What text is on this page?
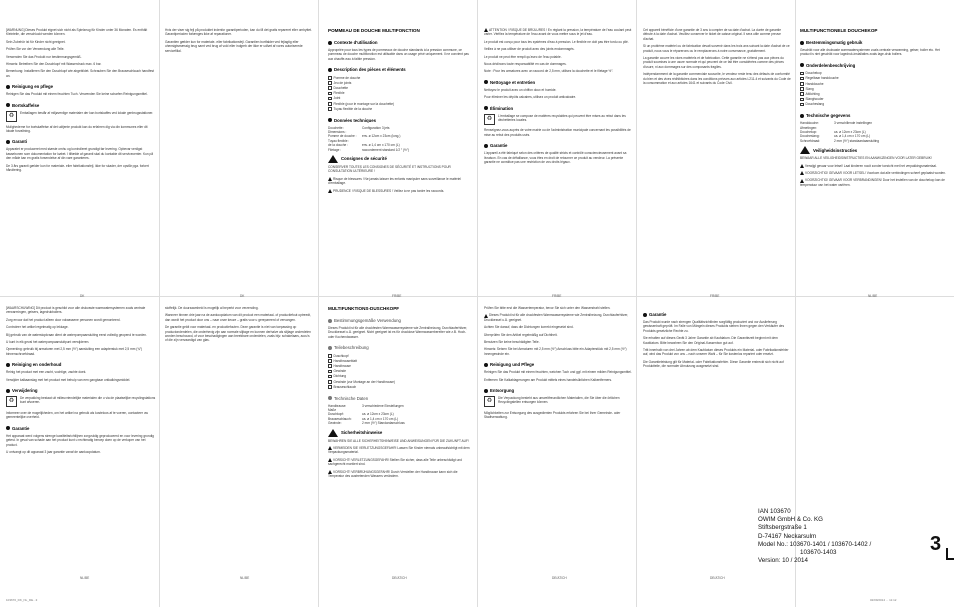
[WARNUNG] Dieses Produkt eignet sich nicht als Spielzeug für Kinder unter 36 Monaten. Es enthält Kleinteile, die verschluckt werden können.

Sein Zubehör ist für Kinder nicht geeignet.

Prüfen Sie vor der Verwendung alle Teile.

Verwenden Sie das Produkt nur bestimmungsgemäß.

Hinweis: Betreiben Sie den Duschkopf mit Wasserdruck max. 6 bar.

Bemerkung: Installieren Sie den Duschkopf wie abgebildet. Schrauben Sie den Brauseschlauch handfest an.

Reinigung en pflege

Reinigen Sie das Produkt mit einem feuchten Tuch. Verwenden Sie keine scharfen Reinigungsmittel.

Bortskaffelse
♻

Emballagen består af miljøvenlige materialer der kan bortskaffes ved lokale genbrugsstationer.

Mulighederne for bortskaffelse af det udtjente produkt kan du erfahren dig via din kommunes eller dit lokale forvaltning.

Garanti

Apparatet er produceret med største omhu og kontrolleret grundigt før levering. Opbevar venligst kassebonen som dokumentation for købet. I tilfælde af garanti skal du kontakte dit servicecenter. Kun på den måde kan en gratis forsendelse af din vare garanteres.

De 3 års garanti gælder kun for materiale- eller fabrikationsfejl, ikke for skader, der opstår pga. forkert håndtering.

Hvis der viser sig fejl på produktet indenfor garantiperioden, kan du få det gratis repareret eller ombyttet. Garantiperioden forlænges ikke af reparationer.

Garantien gælder kun for materiale- eller fabrikationsfejl. Garantien bortfalder ved fejlagtig eller uhensigtsmæssig brug samt ved brug af vold eller indgreb der ikke er udført af vores autoriserede servicefilial.

POMMEAU DE DOUCHE MULTIFONCTION
Contexte d'utilisation

Appropriée pour tous les types de pommeaux de douche standards à la pression commune, ce pommeau de douche multifonction est utilisable dans un usage privé uniquement. Il ne convient pas aux chauffe-eau à faible pression.

Description des pièces et éléments
Pomme de douche
Jeu de joints
Douchette
Flexible
Joint
Flexible (pour le montage sur la douchette)
Tuyau flexible de la douche
Données techniques
Douchette :	Configuration 3 jets
Dimensions :
Pomme de douche :	env. ø 12cm x 23cm (long.)
Tuyau flexible :
de la douche :	env. ø 1,4 cm x 170 cm (L)
Filetage :	raccordement standard 1/2 ″ (½″)
Consignes de sécurité

CONSERVER TOUTES LES CONSIGNES DE SÉCURITÉ ET INSTRUCTIONS POUR CONSULTATION ULTÉRIEURE !

Risque de blessures ! Ne jamais laisser les enfants manipuler sans surveillance le matériel d'emballage.

PRUDENCE ! RISQUE DE BLESSURES ! Veillez à ne pas tordre les raccords.

ATTENTION ! RISQUE DE BRÛLURES ! En réglant la pression, la température de l'eau coulant peut varier. Vérifiez la température de l'eau avant de vous mettre sous le jet d'eau.

Le produit est conçu pour tous les systèmes d'eau à pression. Le flexible ne doit pas être tordu ou plié.

Veillez à ne pas utiliser de produit avec des joints endommagés.

Le produit ne peut être rempli qu'avec de l'eau potable.

Nous déclinons toute responsabilité en cas de dommages.

Note : Pour les armatures avec un raccord de 2,5 mm, utilisez la douchette et le filetage ½″.

Nettoyage et entretien

Nettoyez le produit avec un chiffon doux et humide.

Pour éliminer les dépôts calcaires, utilisez un produit anticalcaire.

Élimination
♻

L'emballage se compose de matières recyclables qui peuvent être mises au rebut dans les déchetteries locales.

Renseignez-vous auprès de votre mairie ou de l'administration municipale concernant les possibilités de mise au rebut des produits usés.

Garantie

L'appareil a été fabriqué selon des critères de qualité stricts et contrôlé consciencieusement avant sa livraison. En cas de défaillance, vous êtes en droit de retourner ce produit au vendeur. La présente garantie ne constitue pas une restriction de vos droits légaux.

Cet appareil bénéficie d'une garantie de 3 ans à compter de sa date d'achat. La durée de garantie débute à la date d'achat. Veuillez conserver le ticket de caisse original. Il sera utile comme preuve d'achat.

Si un problème matériel ou de fabrication devait survenir dans les trois ans suivant la date d'achat de ce produit, nous vous le réparerons ou le remplacerons à notre convenance, gratuitement.

La garantie couvre les vices matériels et de fabrication. Cette garantie ne s'étend pas aux pièces du produit soumises à une usure normale et qui peuvent de ce fait être considérées comme des pièces d'usure, ni aux dommages sur des composants fragiles.

Indépendamment de la garantie commerciale souscrite, le vendeur reste tenu des défauts de conformité du bien et des vices rédhibitoires dans les conditions prévues aux articles L211-4 et suivants du Code de la consommation et aux articles 1641 et suivants du Code Civil.

MULTIFUNCTIONELE DOUCHEKOP
Bestemmingsmatig gebruik

Geschikt voor alle drukvaste warmwatersystemen zoals centrale verwarming, geiser, boiler etc. Het product is niet geschikt voor lagedruk-installaties zoals lage-druk boilers.

Onderdelenbeschrijving
Douchekop
Regelbaar handdouche
Handdouche
Slang
Afdichting
Slanghouder
Doucheslang
Technische gegevens
Handdouche:	3 verschillende instellingen
Afmetingen:
Douchekop:	ca. ø 12cm x 23cm (L)
Doucheslang:	ca. ø 1,4 cm x 170 cm (L)
Schroefdraad:	2 mm (½″) standaardaansluiting
Veiligheidsinstructies

BEWAAR ALLE VEILIGHEIDSINSTRUCTIES EN AANWIJZINGEN VOOR LATER GEBRUIK!

Verwijgl gevaar voor letsel! Laat kinderen nooit zonder toezicht met het verpakkingsmateriaal.

VOORZICHTIG! GEVAAR VOOR LETSEL! Voorkom dat alle verbindingen scheef geplaatst worden.

VOORZICHTIG! GEVAAR VOOR VERBRANDINGEN! Door het instellen van de douchekop kan de temperatuur van het water variëren.

DK	DK	FR/BE	FR/BE	FR/BE	NL/BE

[WAARSCHUWING] Dit product is geschikt voor alle drukvaste warmwatersystemen zoals centrale verwarmingen, geisers, lagedrukboilers.

Zorg ervoor dat het product alleen door volwassene personen wordt gemonteerd.

Controleer het artikel regelmatig op lekkage.

Bij gebruik van de waterstopkraan dient de waterpompaansluiting eerst volledig geopend te worden.

U kunt in elk geval het waterpompaansluitpunt verwijderen.

Opmerking: gebruik bij armaturen met 2,5 mm (½″) aansluiting een adapterstuk met 2,5 mm (¾″) binnenschroefdraad.

Reiniging en onderhoud

Reinig het product met een zacht, vochtige, zachte doek.

Verwijder kalkaanslag met het product met behulp van een gangbaar ontkalkingsmiddel.

Verwijdering
♻

De verpakking bestaat uit milieuvriendelijke materialen die u via de plaatselijke recyclingstations kunt afvoeren.

Informeer over de mogelijkheden, om het artikel na gebruik als kosteloos af te voeren, contacteer uw gemeentelijke overheid.

Garantie

Het apparaat werd volgens strenge kwaliteitsrichtlijnen zorgvuldig geproduceerd en voor levering grondig getest. In geval van schade aan het product kunt u rechtmatig beroep doen op de verkoper van het product.

U ontvangt op dit apparaat 3 jaar garantie vanaf de aankoopdatum.

stoffelijk. De duurzaamheid is mogelijk al beperkt voor verzending.

Wanneer binnen drie jaar na de aankoopdatum van dit product een materiaal- of productiefout optreedt, dan wordt het product door ons – naar onze keuze – gratis voor u gerepareerd of vervangen.

De garantie geldt voor materiaal- en productiefouten. Deze garantie is niet van toepassing op productonderdelen, die onderhevig zijn aan normale slijtage en kunnen derhalve als slijtage onderdelen worden beschouwd, of voor beschadigingen aan breekbare onderdelen, zoals bijv. schakelaars, accu's of die zijn vervaardigd van glas.

MULTIFUNKTIONS-DUSCHKOPF
Bestimmungsgemäße Verwendung

Dieses Produkt ist für alle druckfesten Warmwassersysteme wie Zentralheizung, Durchlauferhitzer, Druckkessel u.Ä. geeignet. Nicht geeignet ist es für drucklose Warmwasserbereiter wie z.B. Hoch- oder Kochendwasser.

Teilebeschreibung
Duschkopf
Handbrauseblatt
Handbrause
Gewinde
Dichtung
Gewinde (zur Montage an der Handbrause)
Brauseschlauch
Technische Daten
Handbrause:	3 verschiedene Einstellungen
Maße
Duschkopf:	ca. ø 12cm x 23cm (L)
Brauseschlauch:	ca. ø 1,4 cm x 170 cm (L)
Gewinde:	2 mm (½″) Standardanschluss
Sicherheitshinweise

BEWAHREN SIE ALLE SICHERHEITSHINWEISE UND ANWEISUNGEN FÜR DIE ZUKUNFT AUF!

VERMEIDEN SIE VERLETZUNGSGEFAHR! Lassen Sie Kinder niemals unbeaufsichtigt mit dem Verpackungsmaterial.

VORSICHT! VERLETZUNGSGEFAHR! Stellen Sie sicher, dass alle Teile unbeschädigt und sachgerecht montiert sind.

VORSICHT! VERBRÜHUNGSGEFAHR! Durch Verstellen der Handbrause kann sich die Temperatur des austretenden Wassers verändern.

Prüfen Sie bitte erst die Wassertemperatur, bevor Sie sich unter den Wasserstrahl stellen.

Dieses Produkt ist für alle druckfesten Warmwassersysteme wie Zentralheizung, Durchlauferhitzer, Druckkessel u.Ä. geeignet.

Achten Sie darauf, dass die Dichtungen korrekt eingesetzt sind.

Überprüfen Sie den Artikel regelmäßig auf Dichtheit.

Benutzen Sie keine beschädigten Teile.

Hinweis: Setzen Sie bei Armaturen mit 2,5 mm (½″) Anschluss bitte ein Adapterstück mit 2,5 mm (½″) Innengewinde ein.

Reinigung und Pflege

Reinigen Sie das Produkt mit einem feuchten, weichen Tuch und ggf. mit einem milden Reinigungsmittel.

Entfernen Sie Kalkablagerungen am Produkt mittels eines handelsüblichen Kalkentferners.

Entsorgung
♻

Die Verpackung besteht aus umweltfreundlichen Materialien, die Sie über die örtlichen Recyclingstellen entsorgen können.

Möglichkeiten zur Entsorgung des ausgedienten Produkts erfahren Sie bei Ihrer Gemeinde- oder Stadtverwaltung.

Garantie

Das Produkt wurde nach strengen Qualitätsrichtlinien sorgfältig produziert und vor Auslieferung gewissenhaft geprüft. Im Falle von Mängeln dieses Produkts stehen Ihnen gegen den Verkäufer des Produkts gesetzliche Rechte zu.

Sie erhalten auf dieses Gerät 3 Jahre Garantie ab Kaufdatum. Die Garantiezeit beginnt mit dem Kaufdatum. Bitte bewahren Sie den Original-Kassenbon gut auf.

Tritt innerhalb von drei Jahren ab dem Kaufdatum dieses Produkts ein Material- oder Fabrikationsfehler auf, wird das Produkt von uns – nach unserer Wahl – für Sie kostenlos repariert oder ersetzt.

Die Garantieleistung gilt für Material- oder Fabrikationsfehler. Diese Garantie erstreckt sich nicht auf Produktteile, die normaler Abnutzung ausgesetzt sind.

NL/BE	NL/BE	DE/AT/CH	DE/AT/CH	DE/AT/CH
IAN 103670
OWIM GmbH & Co. KG
Stiftsbergstraße 1
D-74167 Neckarsulm
Model No.: 103670-1401 / 103670-1402 /
103670-1403
Version: 10 / 2014
3
103670_DK_NL_DE...3	02/09/2014 ... 11:12
